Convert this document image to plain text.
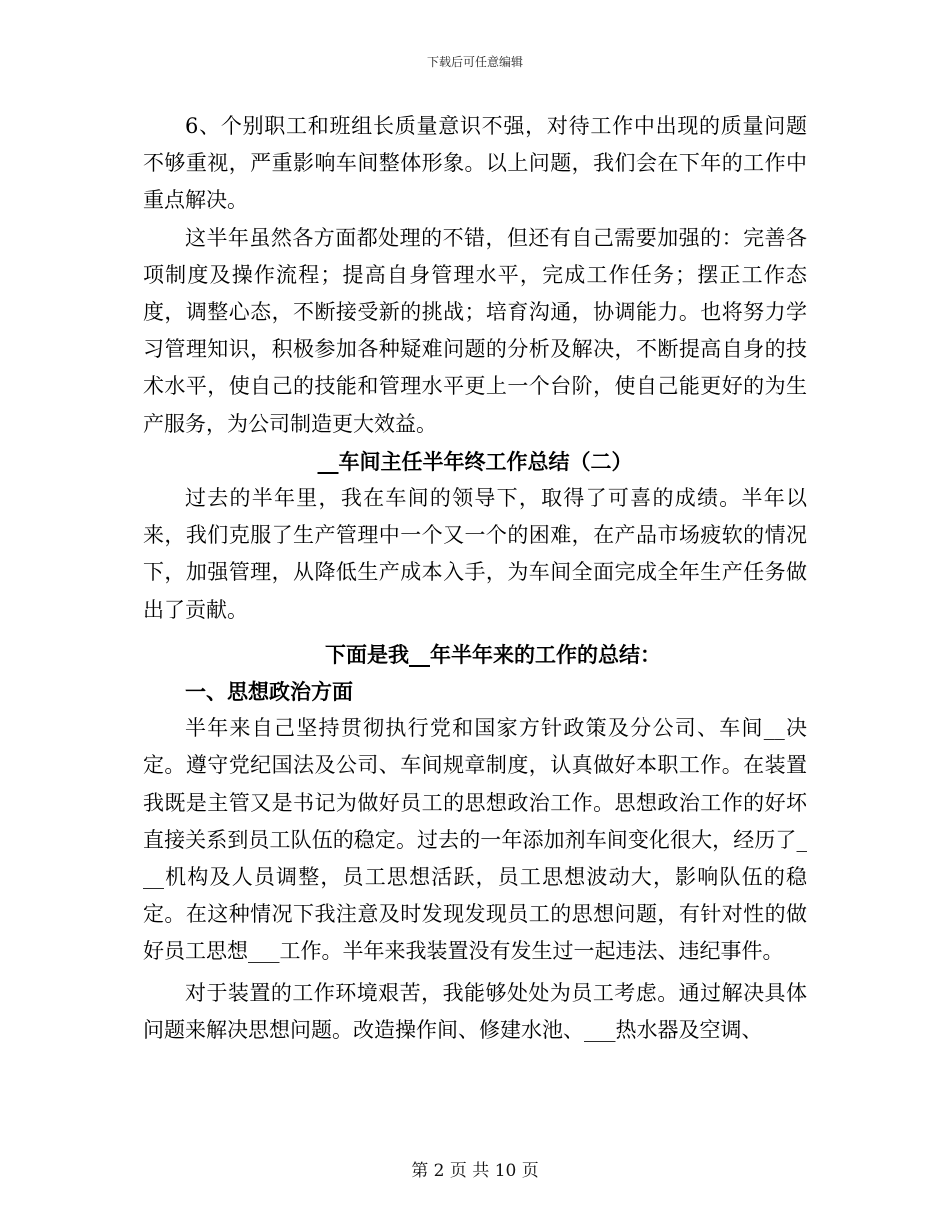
下载后可任意编辑

6、个别职工和班组长质量意识不强，对待工作中出现的质量问题不够重视，严重影响车间整体形象。以上问题，我们会在下年的工作中重点解决。

这半年虽然各方面都处理的不错，但还有自己需要加强的：完善各项制度及操作流程；提高自身管理水平，完成工作任务；摆正工作态度，调整心态，不断接受新的挑战；培育沟通，协调能力。也将努力学习管理知识，积极参加各种疑难问题的分析及解决，不断提高自身的技术水平，使自己的技能和管理水平更上一个台阶，使自己能更好的为生产服务，为公司制造更大效益。

__车间主任半年终工作总结（二）

过去的半年里，我在车间的领导下，取得了可喜的成绩。半年以来，我们克服了生产管理中一个又一个的困难，在产品市场疲软的情况下，加强管理，从降低生产成本入手，为车间全面完成全年生产任务做出了贡献。

下面是我__年半年来的工作的总结：

一、思想政治方面

半年来自己坚持贯彻执行党和国家方针政策及分公司、车间__决定。遵守党纪国法及公司、车间规章制度，认真做好本职工作。在装置我既是主管又是书记为做好员工的思想政治工作。思想政治工作的好坏直接关系到员工队伍的稳定。过去的一年添加剂车间变化很大，经历了___机构及人员调整，员工思想活跃，员工思想波动大，影响队伍的稳定。在这种情况下我注意及时发现发现员工的思想问题，有针对性的做好员工思想___工作。半年来我装置没有发生过一起违法、违纪事件。

对于装置的工作环境艰苦，我能够处处为员工考虑。通过解决具体问题来解决思想问题。改造操作间、修建水池、___热水器及空调、

第 2 页 共 10 页
